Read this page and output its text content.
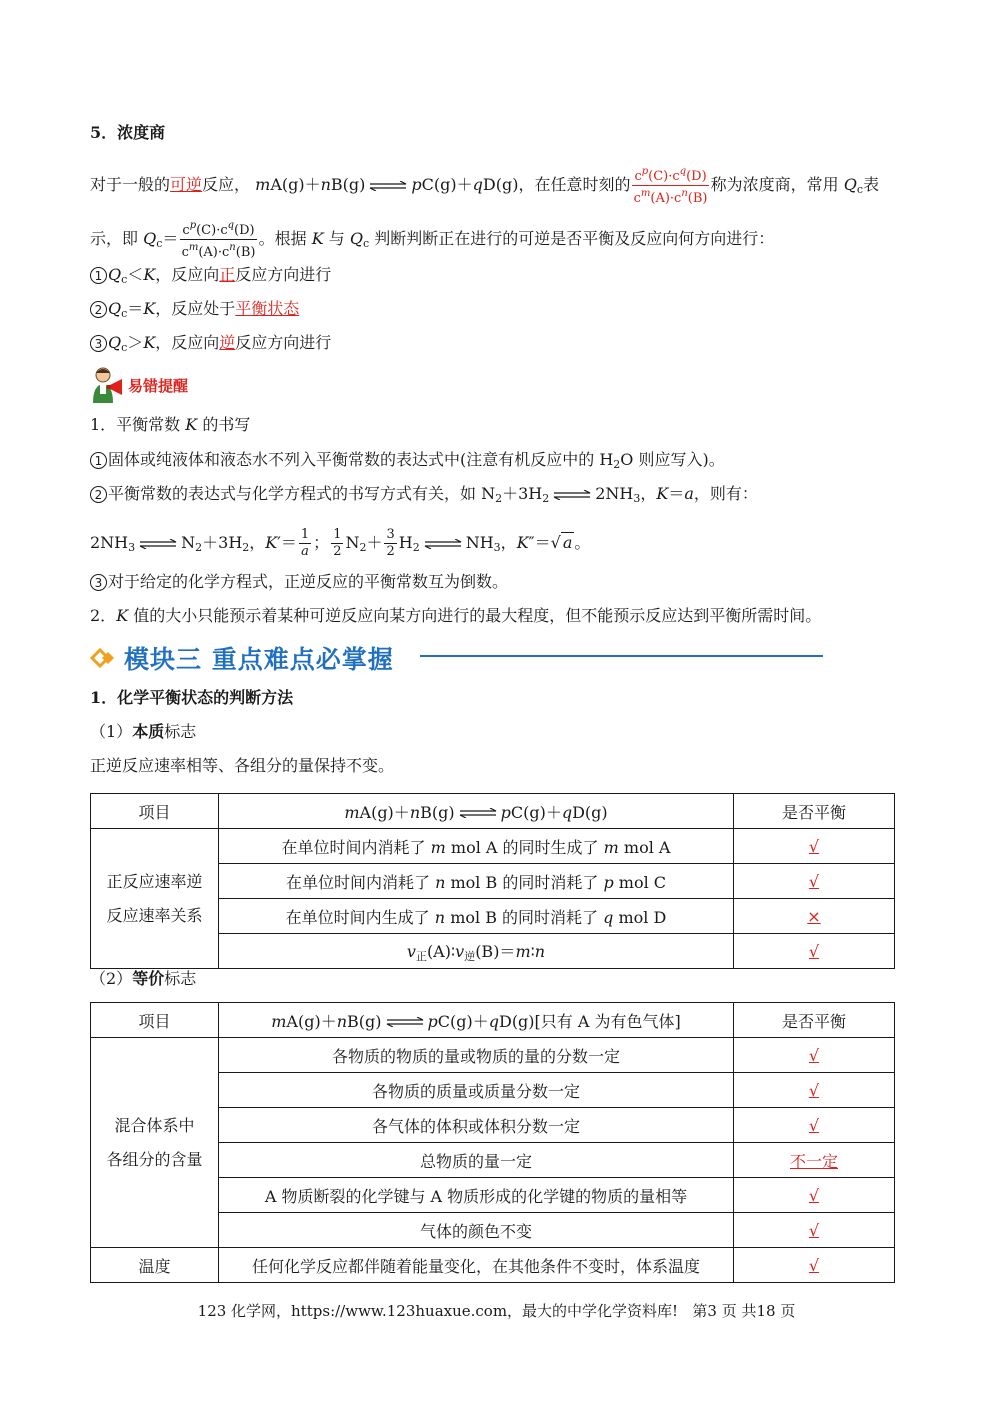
5．浓度商
对于一般的可逆反应， mA(g)＋nB(g) ⇌ pC(g)＋qD(g)，在任意时刻的 $\frac{c^p(C)\cdot c^q(D)}{c^m(A)\cdot c^n(B)}$ 称为浓度商，常用 $Q_c$表
示，即 $Q_c= \frac{c^p(C)\cdot c^q(D)}{c^m(A)\cdot c^n(B)}$ 。根据 K 与 $Q_c$ 判断判断正在进行的可逆是否平衡及反应向何方向进行：
1 $Q_c<K$，反应向正反应方向进行
2 $Q_c=K$，反应处于平衡状态
3 $Q_c>K$，反应向逆反应方向进行
易错提醒
1．平衡常数 K 的书写
1 固体或纯液体和液态水不列入平衡常数的表达式中(注意有机反应中的 $H_2O$ 则应写入)。
2 平衡常数的表达式与化学方程式的书写方式有关，如 $N_2+3H_2$ ⇌ $2NH_3$，K＝a，则有：
$2NH_3$ ⇌ $N_2+3H_2$，$K'= \frac{1}{a}$ ； $\frac{1}{2} N_2+ \frac{3}{2} H_2$ ⇌ $NH_3$，K″＝√ a 。
3 对于给定的化学方程式，正逆反应的平衡常数互为倒数。
2．K 值的大小只能预示着某种可逆反应向某方向进行的最大程度，但不能预示反应达到平衡所需时间。
模块三 重点难点必掌握
1．化学平衡状态的判断方法
（1）本质标志
正逆反应速率相等、各组分的量保持不变。
项目	mA(g)＋nB(g) ⇌ pC(g)＋qD(g)	是否平衡
正反应速率逆
反应速率关系	在单位时间内消耗了 m mol A 的同时生成了 m mol A	√
	在单位时间内消耗了 n mol B 的同时消耗了 p mol C	√
	在单位时间内生成了 n mol B 的同时消耗了 q mol D	×
	$v_正(A)∶v_逆(B)=m∶n$	√
（2）等价标志
项目	mA(g)＋nB(g) ⇌ pC(g)＋qD(g)[只有 A 为有色气体]	是否平衡
混合体系中
各组分的含量	各物质的物质的量或物质的量的分数一定	√
	各物质的质量或质量分数一定	√
	各气体的体积或体积分数一定	√
	总物质的量一定	不一定
	A 物质断裂的化学键与 A 物质形成的化学键的物质的量相等	√
	气体的颜色不变	√
温度	任何化学反应都伴随着能量变化，在其他条件不变时，体系温度	√
123 化学网，https://www.123huaxue.com，最大的中学化学资料库! 第3 页 共18 页
